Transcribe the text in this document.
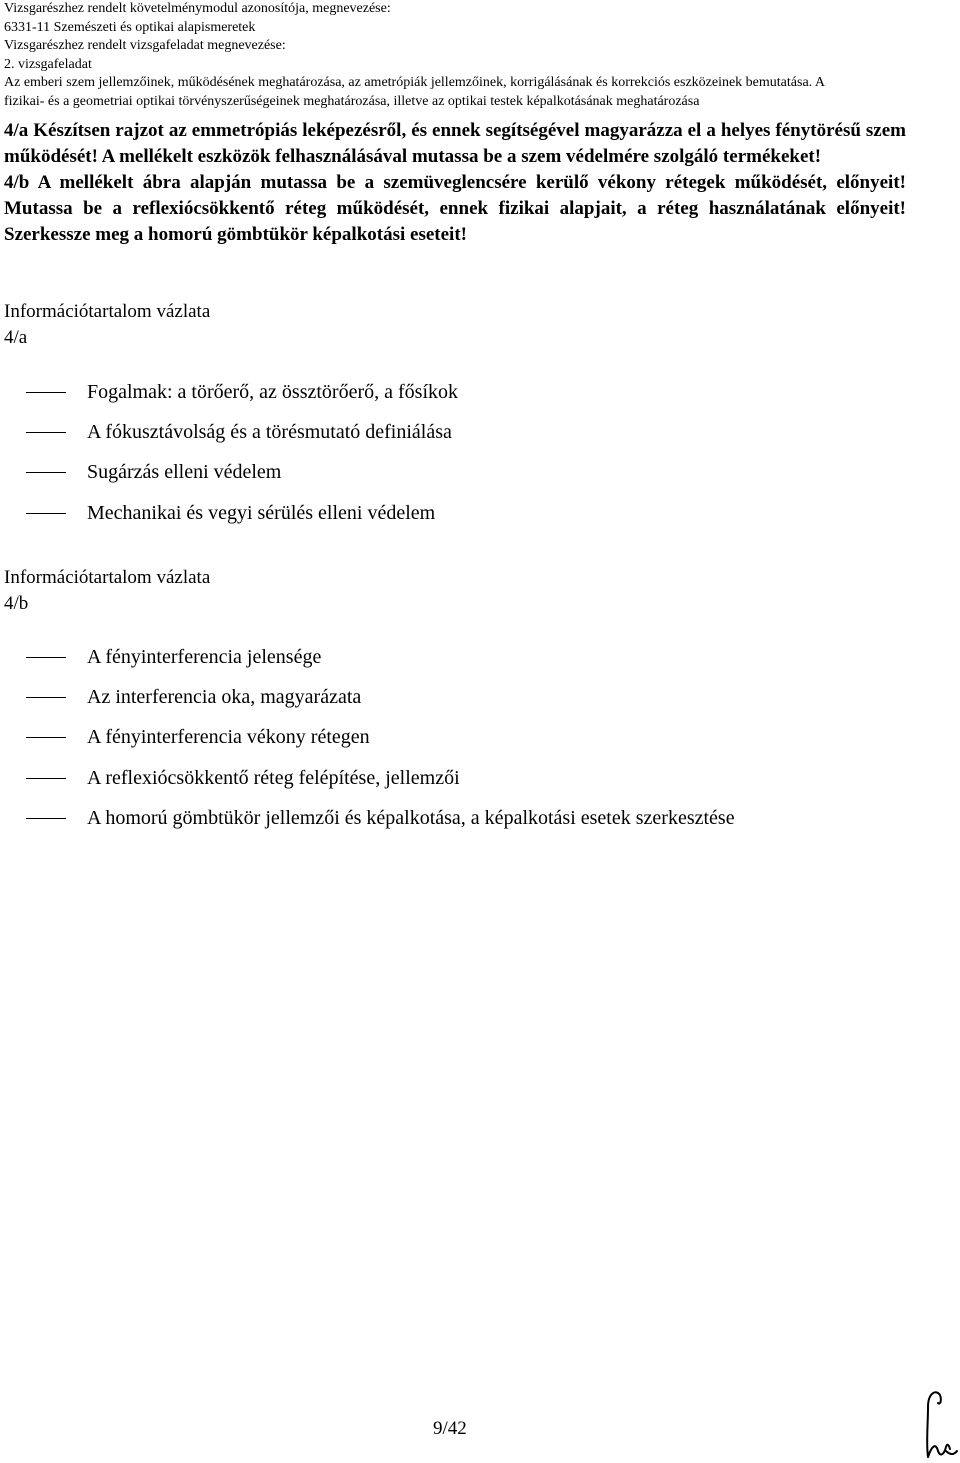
Vizsgarészhez rendelt követelménymodul azonosítója, megnevezése:
6331-11 Szemészeti és optikai alapismeretek
Vizsgarészhez rendelt vizsgafeladat megnevezése:
2. vizsgafeladat
Az emberi szem jellemzőinek, működésének meghatározása, az ametrópiák jellemzőinek, korrigálásának és korrekciós eszközeinek bemutatása. A
fizikai- és a geometriai optikai törvényszerűségeinek meghatározása, illetve az optikai testek képalkotásának meghatározása

4/a Készítsen rajzot az emmetrópiás leképezésről, és ennek segítségével magyarázza el a helyes fénytörésű szem működését! A mellékelt eszközök felhasználásával mutassa be a szem védelmére szolgáló termékeket!

4/b A mellékelt ábra alapján mutassa be a szemüveglencsére kerülő vékony rétegek működését, előnyeit! Mutassa be a reflexiócsökkentő réteg működését, ennek fizikai alapjait, a réteg használatának előnyeit! Szerkessze meg a homorú gömbtükör képalkotási eseteit!

Információtartalom vázlata
4/a
Fogalmak: a törőerő, az össztörőerő, a fősíkok
A fókusztávolság és a törésmutató definiálása
Sugárzás elleni védelem
Mechanikai és vegyi sérülés elleni védelem
Információtartalom vázlata
4/b
A fényinterferencia jelensége
Az interferencia oka, magyarázata
A fényinterferencia vékony rétegen
A reflexiócsökkentő réteg felépítése, jellemzői
A homorú gömbtükör jellemzői és képalkotása, a képalkotási esetek szerkesztése
9/42
